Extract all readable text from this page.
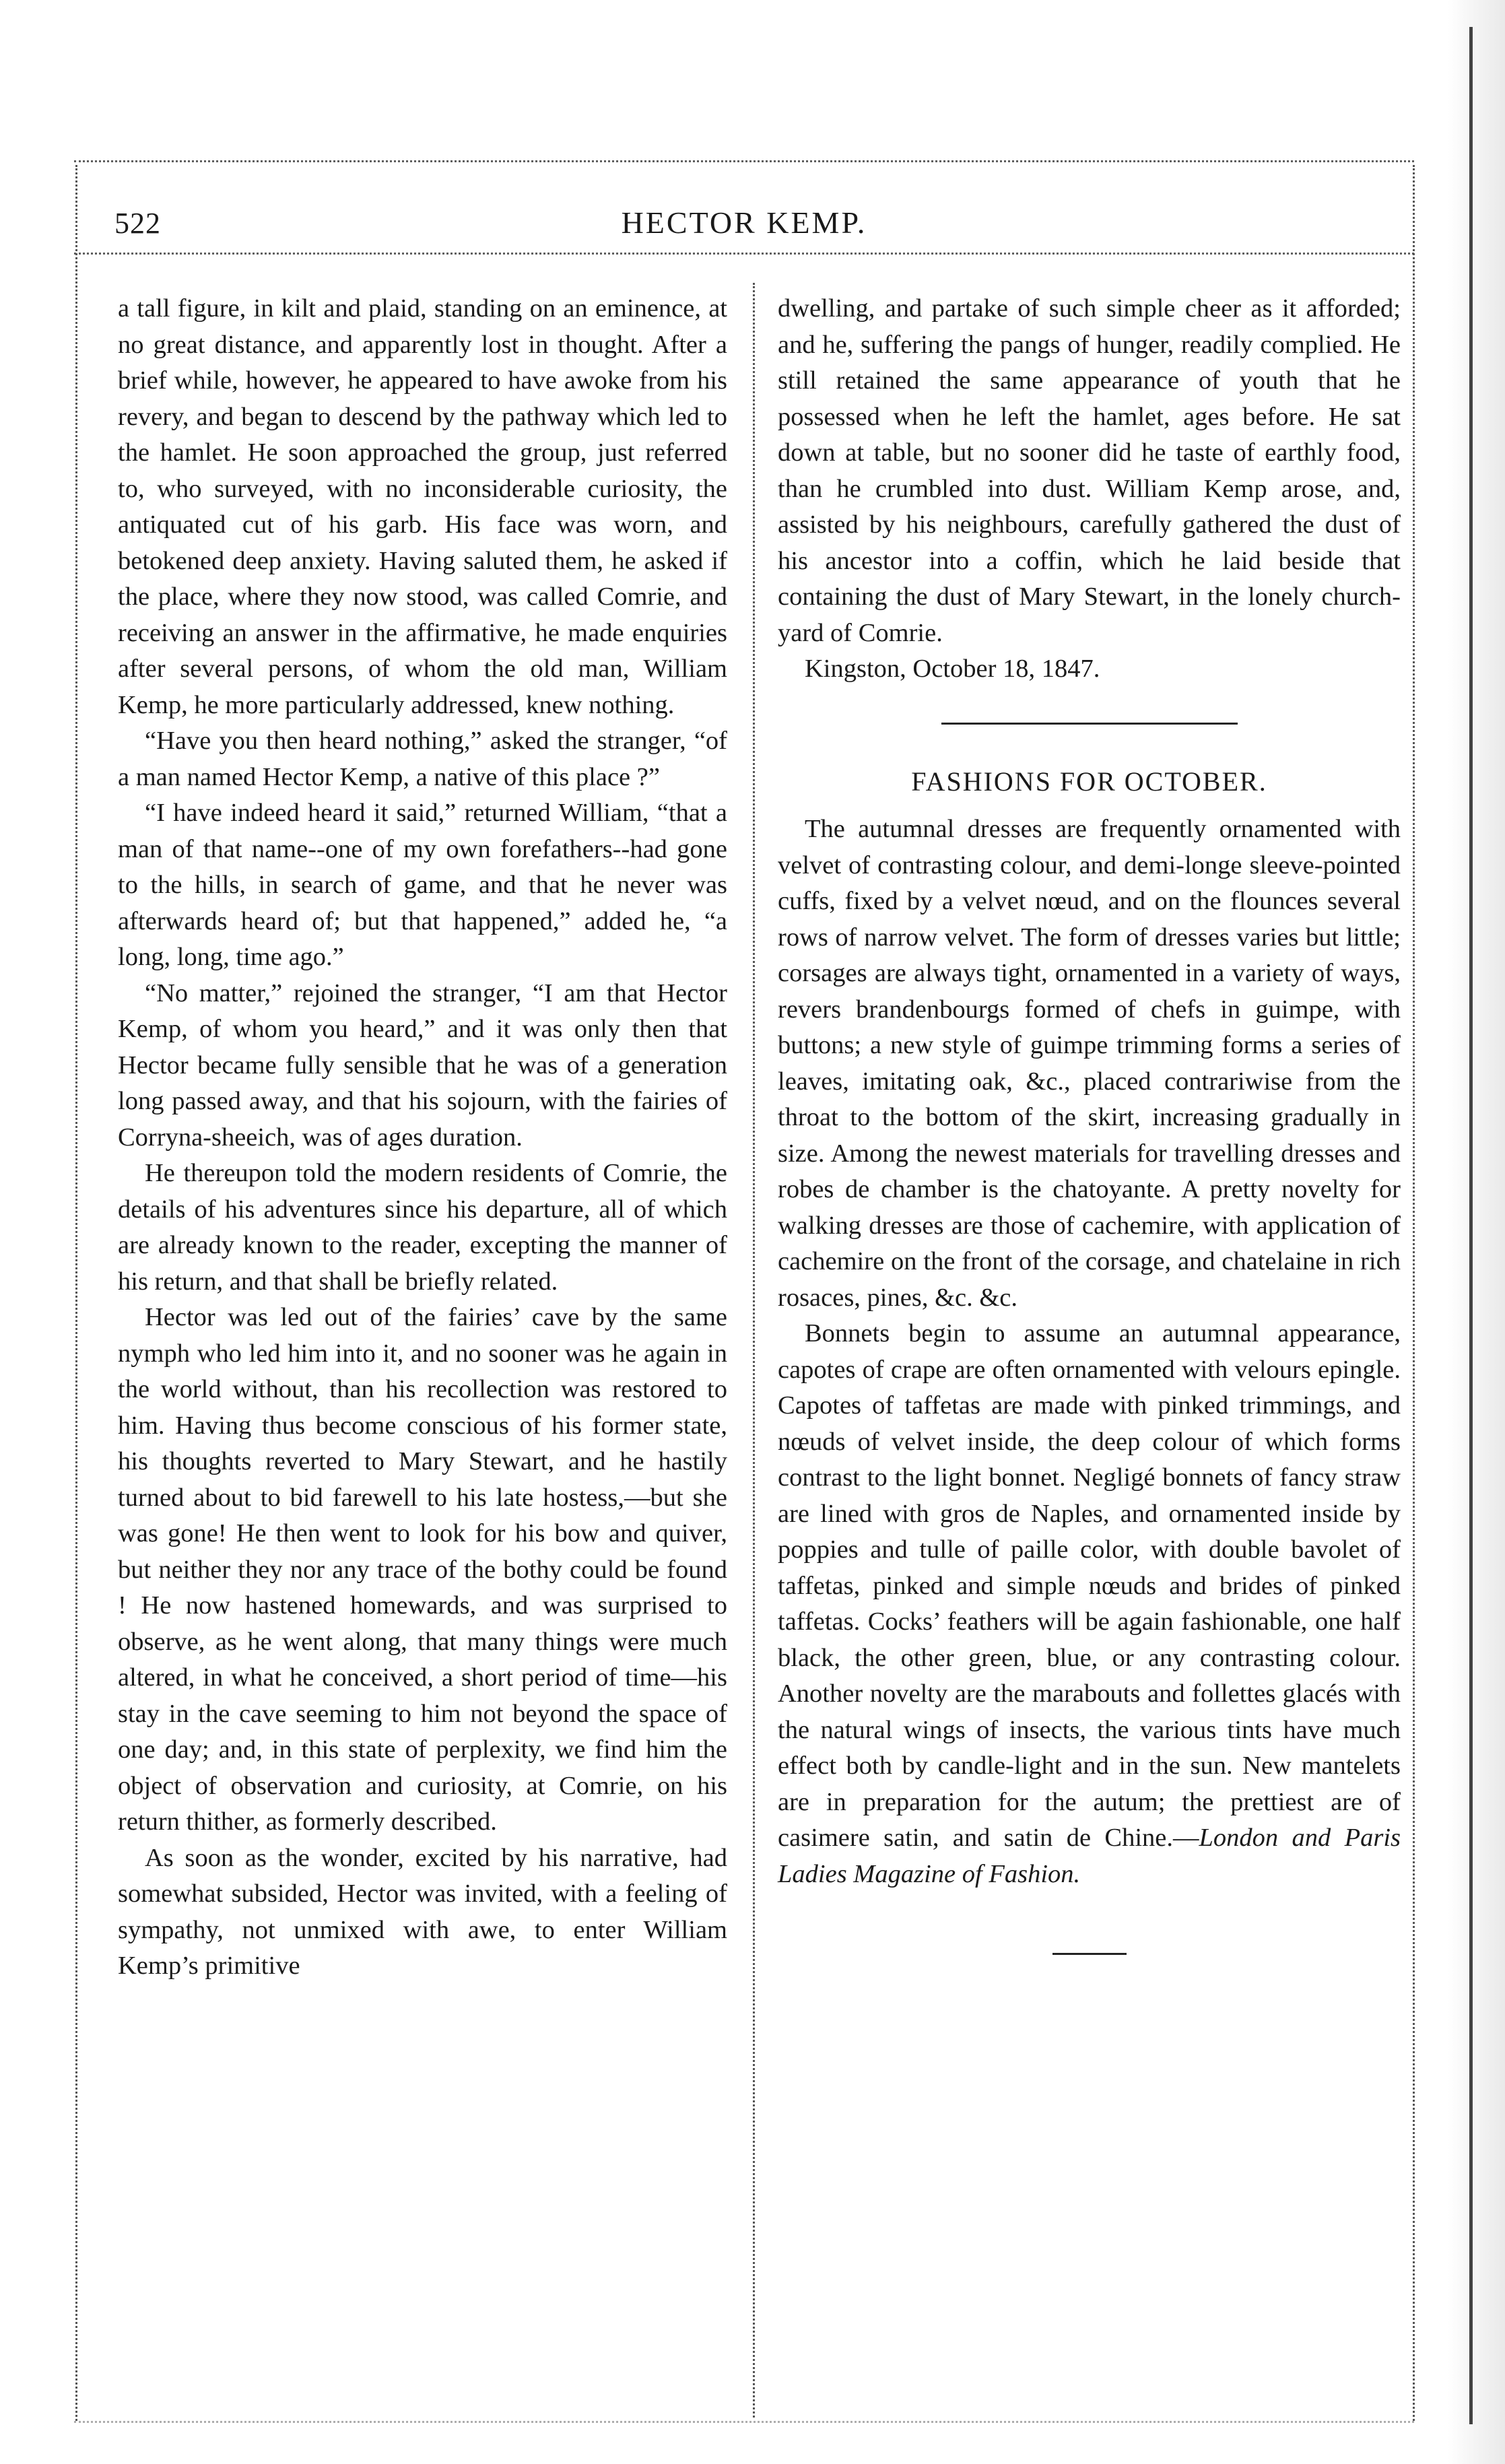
522	HECTOR KEMP.

a tall figure, in kilt and plaid, standing on an eminence, at no great distance, and apparently lost in thought. After a brief while, however, he appeared to have awoke from his revery, and began to descend by the pathway which led to the hamlet. He soon approached the group, just referred to, who surveyed, with no inconsiderable curiosity, the antiquated cut of his garb. His face was worn, and betokened deep anxiety. Having saluted them, he asked if the place, where they now stood, was called Comrie, and receiving an answer in the affirmative, he made enquiries after several persons, of whom the old man, William Kemp, he more particularly addressed, knew nothing.

“Have you then heard nothing,” asked the stranger, “of a man named Hector Kemp, a native of this place ?”

“I have indeed heard it said,” returned William, “that a man of that name--one of my own forefathers--had gone to the hills, in search of game, and that he never was afterwards heard of; but that happened,” added he, “a long, long, time ago.”

“No matter,” rejoined the stranger, “I am that Hector Kemp, of whom you heard,” and it was only then that Hector became fully sensible that he was of a generation long passed away, and that his sojourn, with the fairies of Corryna-sheeich, was of ages duration.

He thereupon told the modern residents of Comrie, the details of his adventures since his departure, all of which are already known to the reader, excepting the manner of his return, and that shall be briefly related.

Hector was led out of the fairies’ cave by the same nymph who led him into it, and no sooner was he again in the world without, than his recollection was restored to him. Having thus become conscious of his former state, his thoughts reverted to Mary Stewart, and he hastily turned about to bid farewell to his late hostess,—but she was gone! He then went to look for his bow and quiver, but neither they nor any trace of the bothy could be found ! He now hastened homewards, and was surprised to observe, as he went along, that many things were much altered, in what he conceived, a short period of time—his stay in the cave seeming to him not beyond the space of one day; and, in this state of perplexity, we find him the object of observation and curiosity, at Comrie, on his return thither, as formerly described.

As soon as the wonder, excited by his narrative, had somewhat subsided, Hector was invited, with a feeling of sympathy, not unmixed with awe, to enter William Kemp’s primitive

dwelling, and partake of such simple cheer as it afforded; and he, suffering the pangs of hunger, readily complied. He still retained the same appearance of youth that he possessed when he left the hamlet, ages before. He sat down at table, but no sooner did he taste of earthly food, than he crumbled into dust. William Kemp arose, and, assisted by his neighbours, carefully gathered the dust of his ancestor into a coffin, which he laid beside that containing the dust of Mary Stewart, in the lonely church-yard of Comrie.

Kingston, October 18, 1847.

FASHIONS FOR OCTOBER.

The autumnal dresses are frequently ornamented with velvet of contrasting colour, and demi-longe sleeve-pointed cuffs, fixed by a velvet nœud, and on the flounces several rows of narrow velvet. The form of dresses varies but little; corsages are always tight, ornamented in a variety of ways, revers brandenbourgs formed of chefs in guimpe, with buttons; a new style of guimpe trimming forms a series of leaves, imitating oak, &c., placed contrariwise from the throat to the bottom of the skirt, increasing gradually in size. Among the newest materials for travelling dresses and robes de chamber is the chatoyante. A pretty novelty for walking dresses are those of cachemire, with application of cachemire on the front of the corsage, and chatelaine in rich rosaces, pines, &c. &c.

Bonnets begin to assume an autumnal appearance, capotes of crape are often ornamented with velours epingle. Capotes of taffetas are made with pinked trimmings, and nœuds of velvet inside, the deep colour of which forms contrast to the light bonnet. Negligé bonnets of fancy straw are lined with gros de Naples, and ornamented inside by poppies and tulle of paille color, with double bavolet of taffetas, pinked and simple nœuds and brides of pinked taffetas. Cocks’ feathers will be again fashionable, one half black, the other green, blue, or any contrasting colour. Another novelty are the marabouts and follettes glacés with the natural wings of insects, the various tints have much effect both by candle-light and in the sun. New mantelets are in preparation for the autum; the prettiest are of casimere satin, and satin de Chine.—London and Paris Ladies Magazine of Fashion.
